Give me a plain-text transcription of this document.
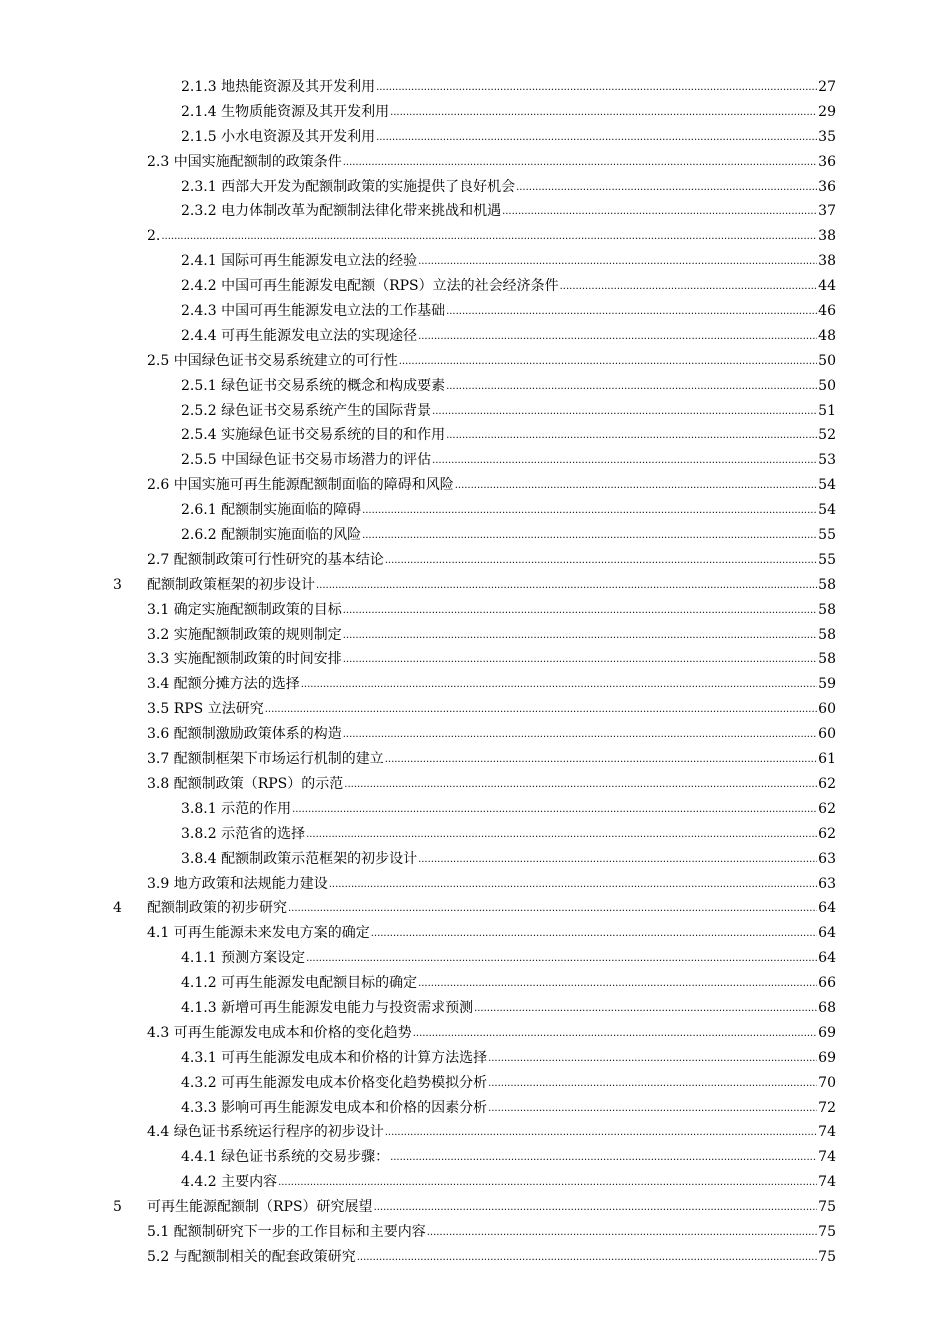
2.1.3 地热能资源及其开发利用 .....	27
2.1.4 生物质能资源及其开发利用 .....	29
2.1.5 小水电资源及其开发利用 .....	35
2.3 中国实施配额制的政策条件 .....	36
2.3.1 西部大开发为配额制政策的实施提供了良好机会 .....	36
2.3.2 电力体制改革为配额制法律化带来挑战和机遇 .....	37
2. .....	38
2.4.1 国际可再生能源发电立法的经验 .....	38
2.4.2 中国可再生能源发电配额（RPS）立法的社会经济条件 .....	44
2.4.3 中国可再生能源发电立法的工作基础 .....	46
2.4.4 可再生能源发电立法的实现途径 .....	48
2.5 中国绿色证书交易系统建立的可行性 .....	50
2.5.1 绿色证书交易系统的概念和构成要素 .....	50
2.5.2 绿色证书交易系统产生的国际背景 .....	51
2.5.4 实施绿色证书交易系统的目的和作用 .....	52
2.5.5 中国绿色证书交易市场潜力的评估 .....	53
2.6 中国实施可再生能源配额制面临的障碍和风险 .....	54
2.6.1 配额制实施面临的障碍 .....	54
2.6.2 配额制实施面临的风险 .....	55
2.7 配额制政策可行性研究的基本结论 .....	55
3 配额制政策框架的初步设计 .....	58
3.1 确定实施配额制政策的目标 .....	58
3.2 实施配额制政策的规则制定 .....	58
3.3 实施配额制政策的时间安排 .....	58
3.4 配额分摊方法的选择 .....	59
3.5 RPS 立法研究 .....	60
3.6 配额制激励政策体系的构造 .....	60
3.7 配额制框架下市场运行机制的建立 .....	61
3.8 配额制政策（RPS）的示范 .....	62
3.8.1 示范的作用 .....	62
3.8.2 示范省的选择 .....	62
3.8.4 配额制政策示范框架的初步设计 .....	63
3.9 地方政策和法规能力建设 .....	63
4 配额制政策的初步研究 .....	64
4.1 可再生能源未来发电方案的确定 .....	64
4.1.1 预测方案设定 .....	64
4.1.2 可再生能源发电配额目标的确定 .....	66
4.1.3 新增可再生能源发电能力与投资需求预测 .....	68
4.3 可再生能源发电成本和价格的变化趋势 .....	69
4.3.1 可再生能源发电成本和价格的计算方法选择 .....	69
4.3.2 可再生能源发电成本价格变化趋势模拟分析 .....	70
4.3.3 影响可再生能源发电成本和价格的因素分析 .....	72
4.4 绿色证书系统运行程序的初步设计 .....	74
4.4.1 绿色证书系统的交易步骤： .....	74
4.4.2 主要内容 .....	74
5 可再生能源配额制（RPS）研究展望 .....	75
5.1 配额制研究下一步的工作目标和主要内容 .....	75
5.2 与配额制相关的配套政策研究 .....	75
